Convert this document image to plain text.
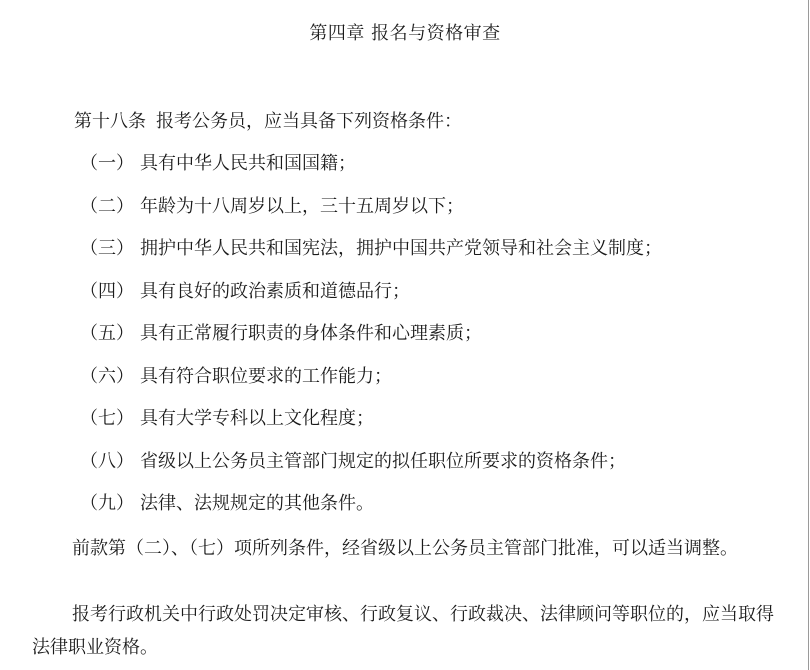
第四章 报名与资格审查
第十八条 报考公务员，应当具备下列资格条件：
（一） 具有中华人民共和国国籍；
（二） 年龄为十八周岁以上，三十五周岁以下；
（三） 拥护中华人民共和国宪法，拥护中国共产党领导和社会主义制度；
（四） 具有良好的政治素质和道德品行；
（五） 具有正常履行职责的身体条件和心理素质；
（六） 具有符合职位要求的工作能力；
（七） 具有大学专科以上文化程度；
（八） 省级以上公务员主管部门规定的拟任职位所要求的资格条件；
（九） 法律、法规规定的其他条件。

前款第（二）、（七）项所列条件，经省级以上公务员主管部门批准，可以适当调整。

报考行政机关中行政处罚决定审核、行政复议、行政裁决、法律顾问等职位的，应当取得法律职业资格。
